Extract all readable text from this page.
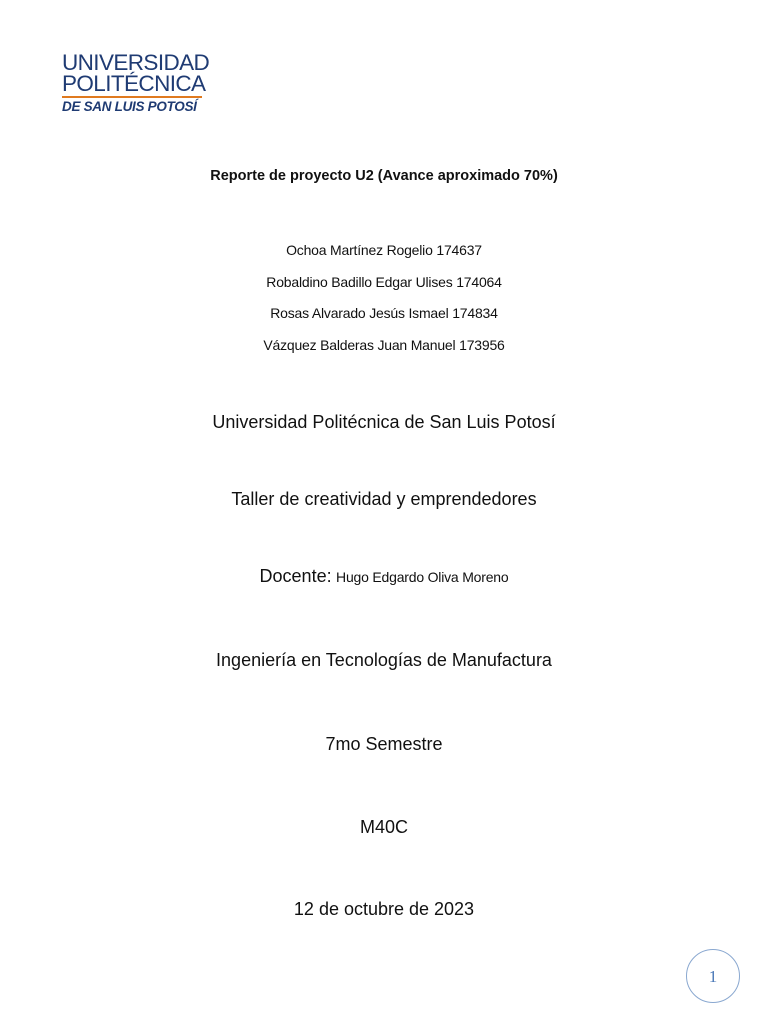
UNIVERSIDAD
POLITÉCNICA
DE SAN LUIS POTOSÍ
Reporte de proyecto U2 (Avance aproximado 70%)
Ochoa Martínez Rogelio 174637
Robaldino Badillo Edgar Ulises 174064
Rosas Alvarado Jesús Ismael 174834
Vázquez Balderas Juan Manuel 173956
Universidad Politécnica de San Luis Potosí
Taller de creatividad y emprendedores
Docente: Hugo Edgardo Oliva Moreno
Ingeniería en Tecnologías de Manufactura
7mo Semestre
M40C
12 de octubre de 2023
1
